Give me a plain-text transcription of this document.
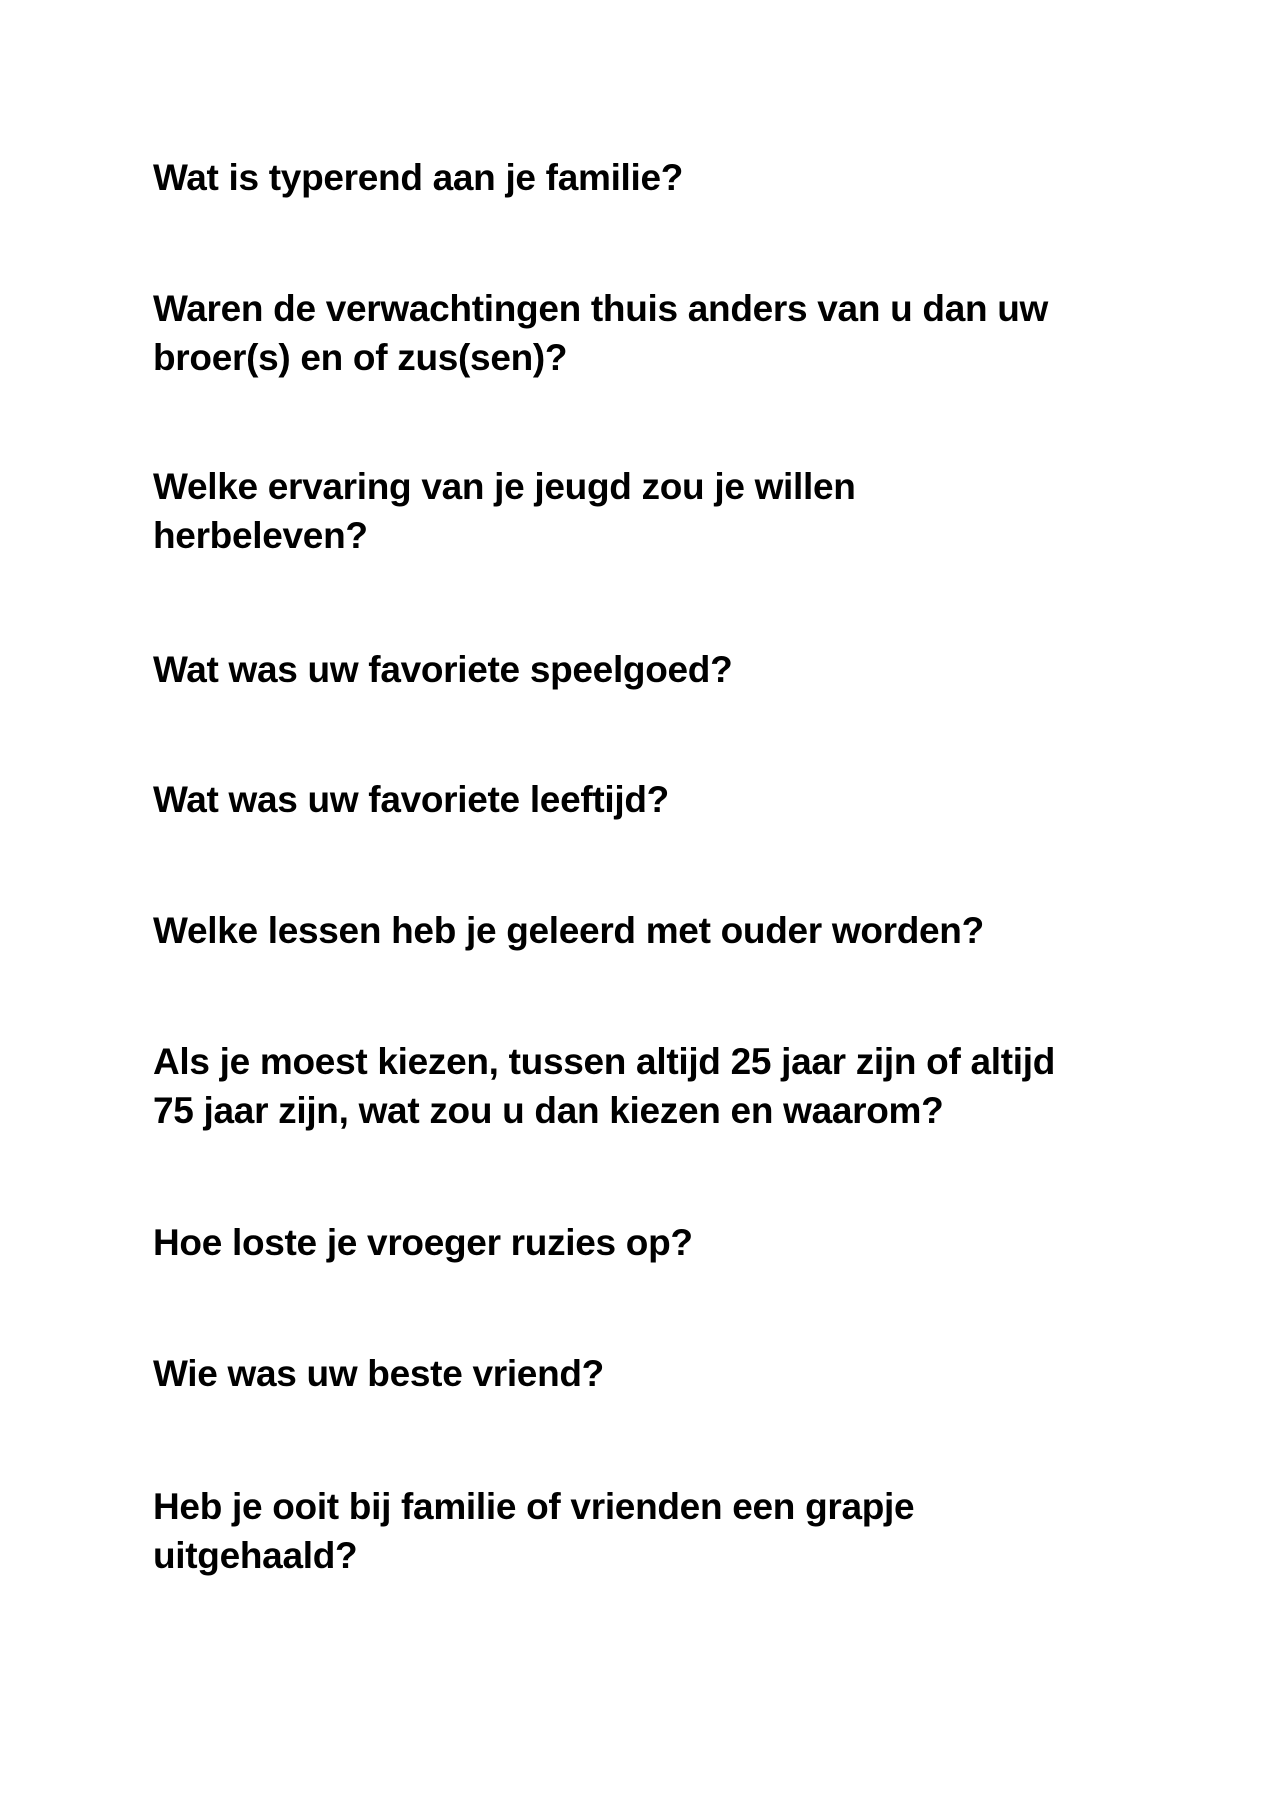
Wat is typerend aan je familie?
Waren de verwachtingen thuis anders van u dan uw
broer(s) en of zus(sen)?
Welke ervaring van je jeugd zou je willen
herbeleven?
Wat was uw favoriete speelgoed?
Wat was uw favoriete leeftijd?
Welke lessen heb je geleerd met ouder worden?
Als je moest kiezen, tussen altijd 25 jaar zijn of altijd
75 jaar zijn, wat zou u dan kiezen en waarom?
Hoe loste je vroeger ruzies op?
Wie was uw beste vriend?
Heb je ooit bij familie of vrienden een grapje
uitgehaald?
